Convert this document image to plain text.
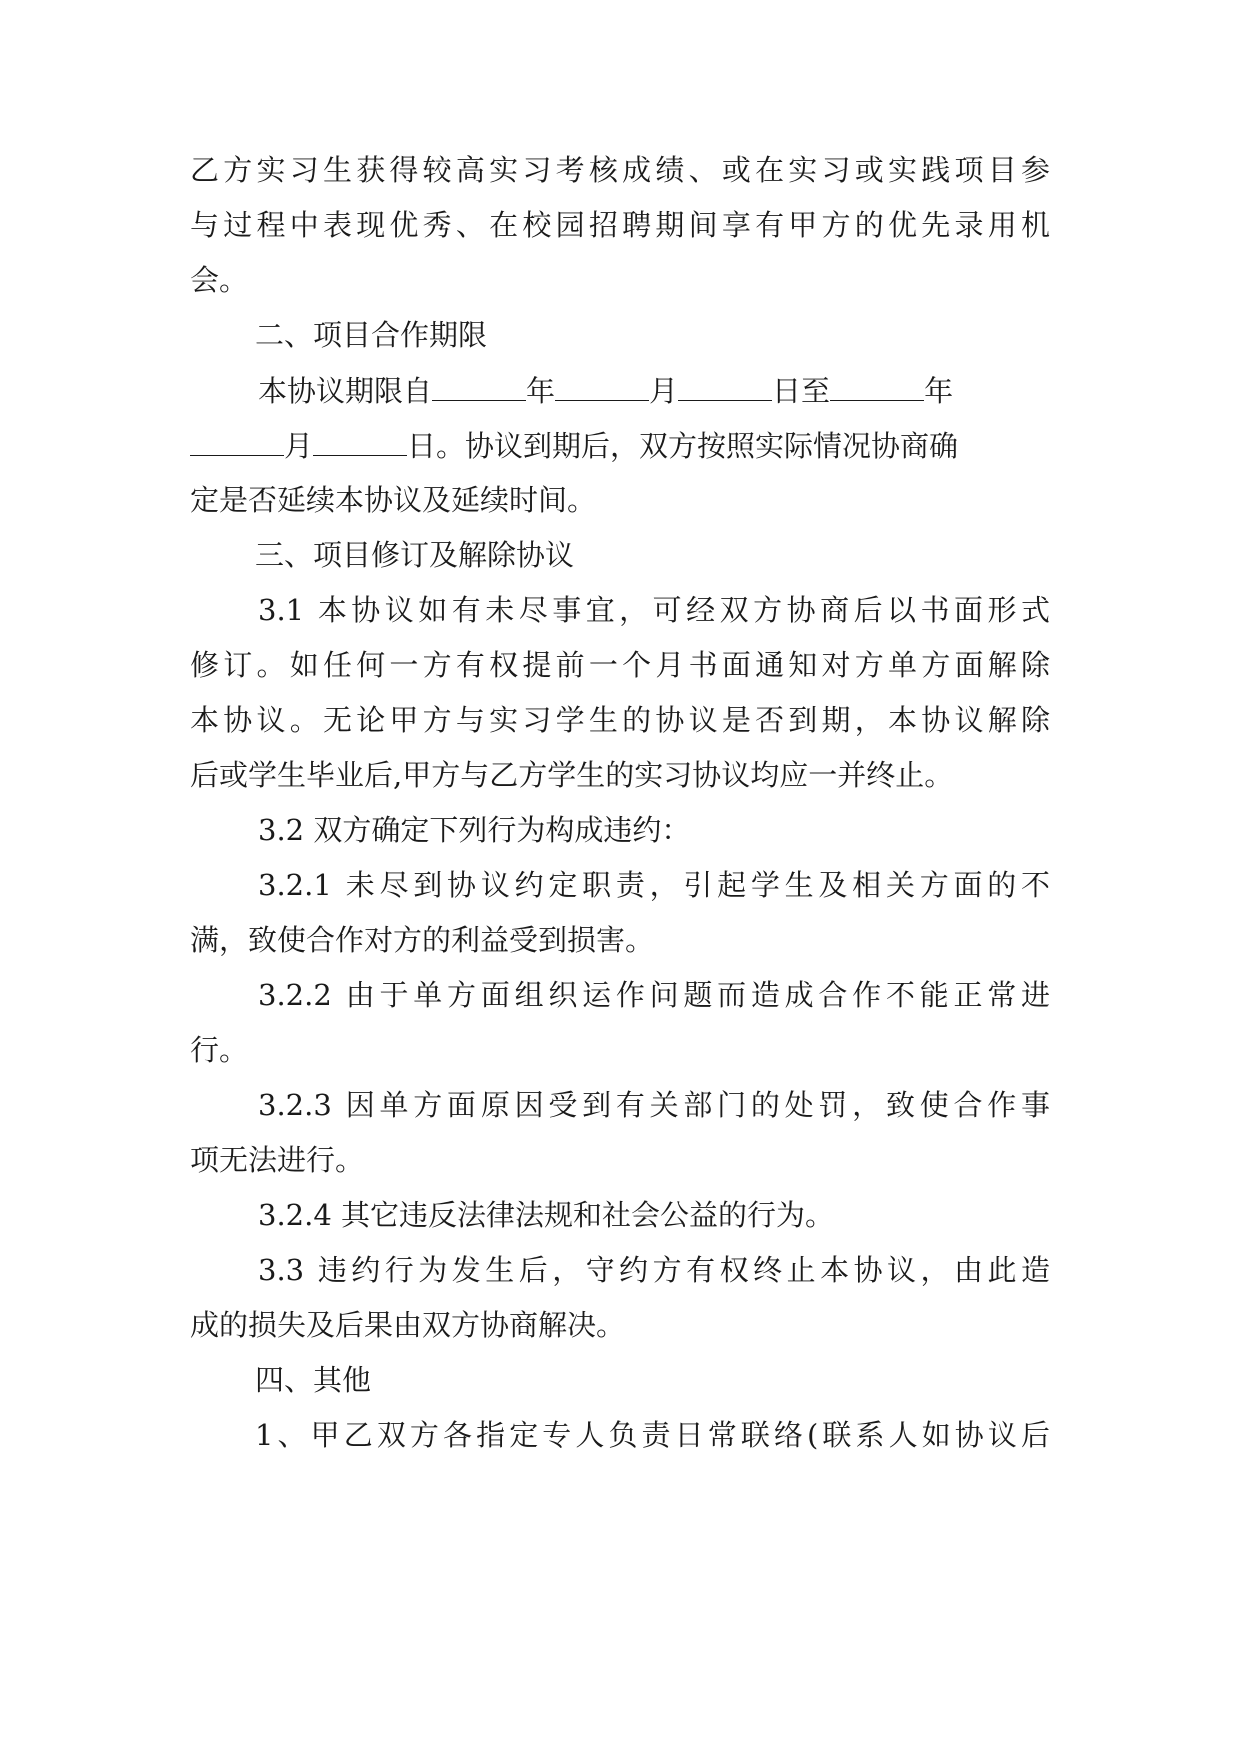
乙方实习生获得较高实习考核成绩、或在实习或实践项目参
与过程中表现优秀、在校园招聘期间享有甲方的优先录用机
会。
二、项目合作期限
本协议期限自	年	月	日至	年
月	日。协议到期后，双方按照实际情况协商确
定是否延续本协议及延续时间。
三、项目修订及解除协议
3.1 本协议如有未尽事宜，可经双方协商后以书面形式
修订。如任何一方有权提前一个月书面通知对方单方面解除
本协议。无论甲方与实习学生的协议是否到期，本协议解除
后或学生毕业后,甲方与乙方学生的实习协议均应一并终止。
3.2 双方确定下列行为构成违约：
3.2.1 未尽到协议约定职责，引起学生及相关方面的不
满，致使合作对方的利益受到损害。
3.2.2 由于单方面组织运作问题而造成合作不能正常进
行。
3.2.3 因单方面原因受到有关部门的处罚，致使合作事
项无法进行。
3.2.4 其它违反法律法规和社会公益的行为。
3.3 违约行为发生后，守约方有权终止本协议，由此造
成的损失及后果由双方协商解决。
四、其他
1、甲乙双方各指定专人负责日常联络(联系人如协议后
